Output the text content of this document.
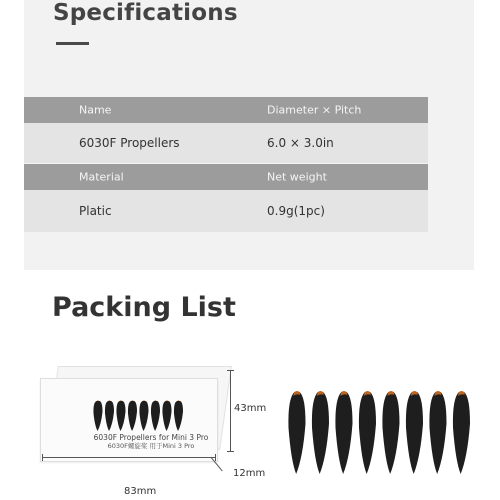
Specifications
Name	Diameter × Pitch
6030F Propellers	6.0 × 3.0in
Material	Net weight
Platic	0.9g(1pc)
Packing List
6030F Propellers for Mini 3 Pro
6030F螺旋桨 用于Mini 3 Pro
43mm
12mm
83mm
